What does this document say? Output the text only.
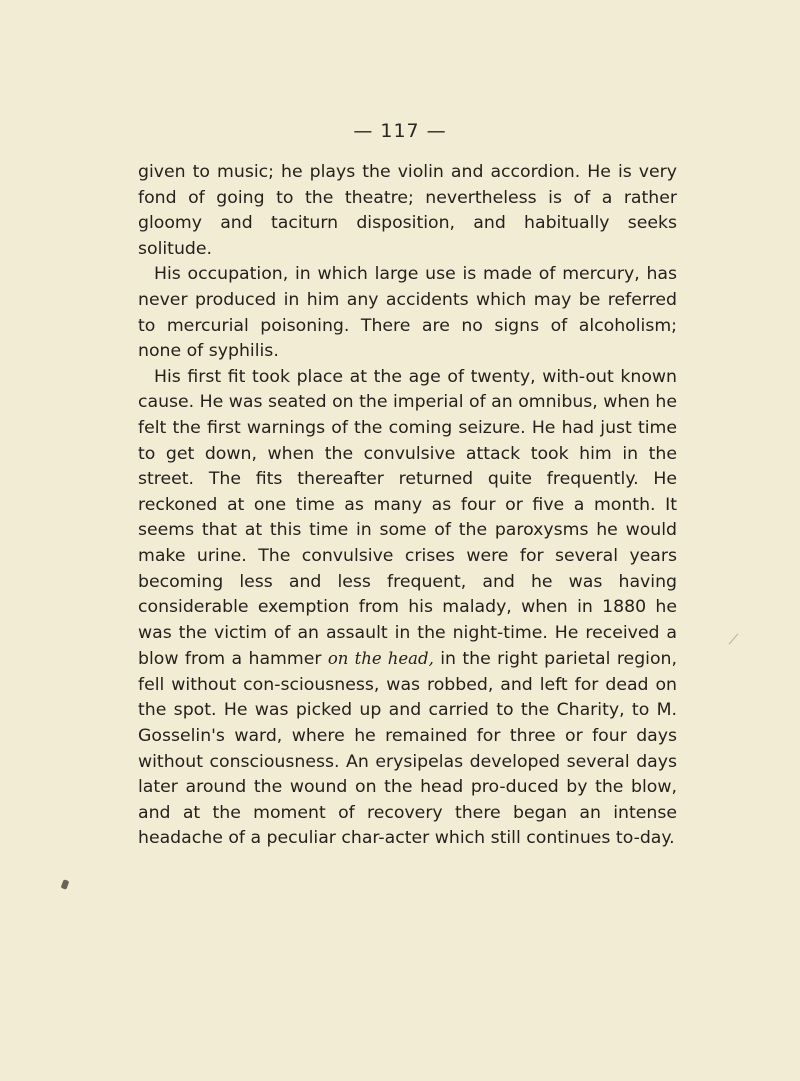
— 117 —

given to music; he plays the violin and accordion. He is very fond of going to the theatre; nevertheless is of a rather gloomy and taciturn disposition, and habitually seeks solitude.

His occupation, in which large use is made of mercury, has never produced in him any accidents which may be referred to mercurial poisoning. There are no signs of alcoholism; none of syphilis.

His first fit took place at the age of twenty, with-out known cause. He was seated on the imperial of an omnibus, when he felt the first warnings of the coming seizure. He had just time to get down, when the convulsive attack took him in the street. The fits thereafter returned quite frequently. He reckoned at one time as many as four or five a month. It seems that at this time in some of the paroxysms he would make urine. The convulsive crises were for several years becoming less and less frequent, and he was having considerable exemption from his malady, when in 1880 he was the victim of an assault in the night-time. He received a blow from a hammer on the head, in the right parietal region, fell without con-sciousness, was robbed, and left for dead on the spot. He was picked up and carried to the Charity, to M. Gosselin's ward, where he remained for three or four days without consciousness. An erysipelas developed several days later around the wound on the head pro-duced by the blow, and at the moment of recovery there began an intense headache of a peculiar char-acter which still continues to-day.
